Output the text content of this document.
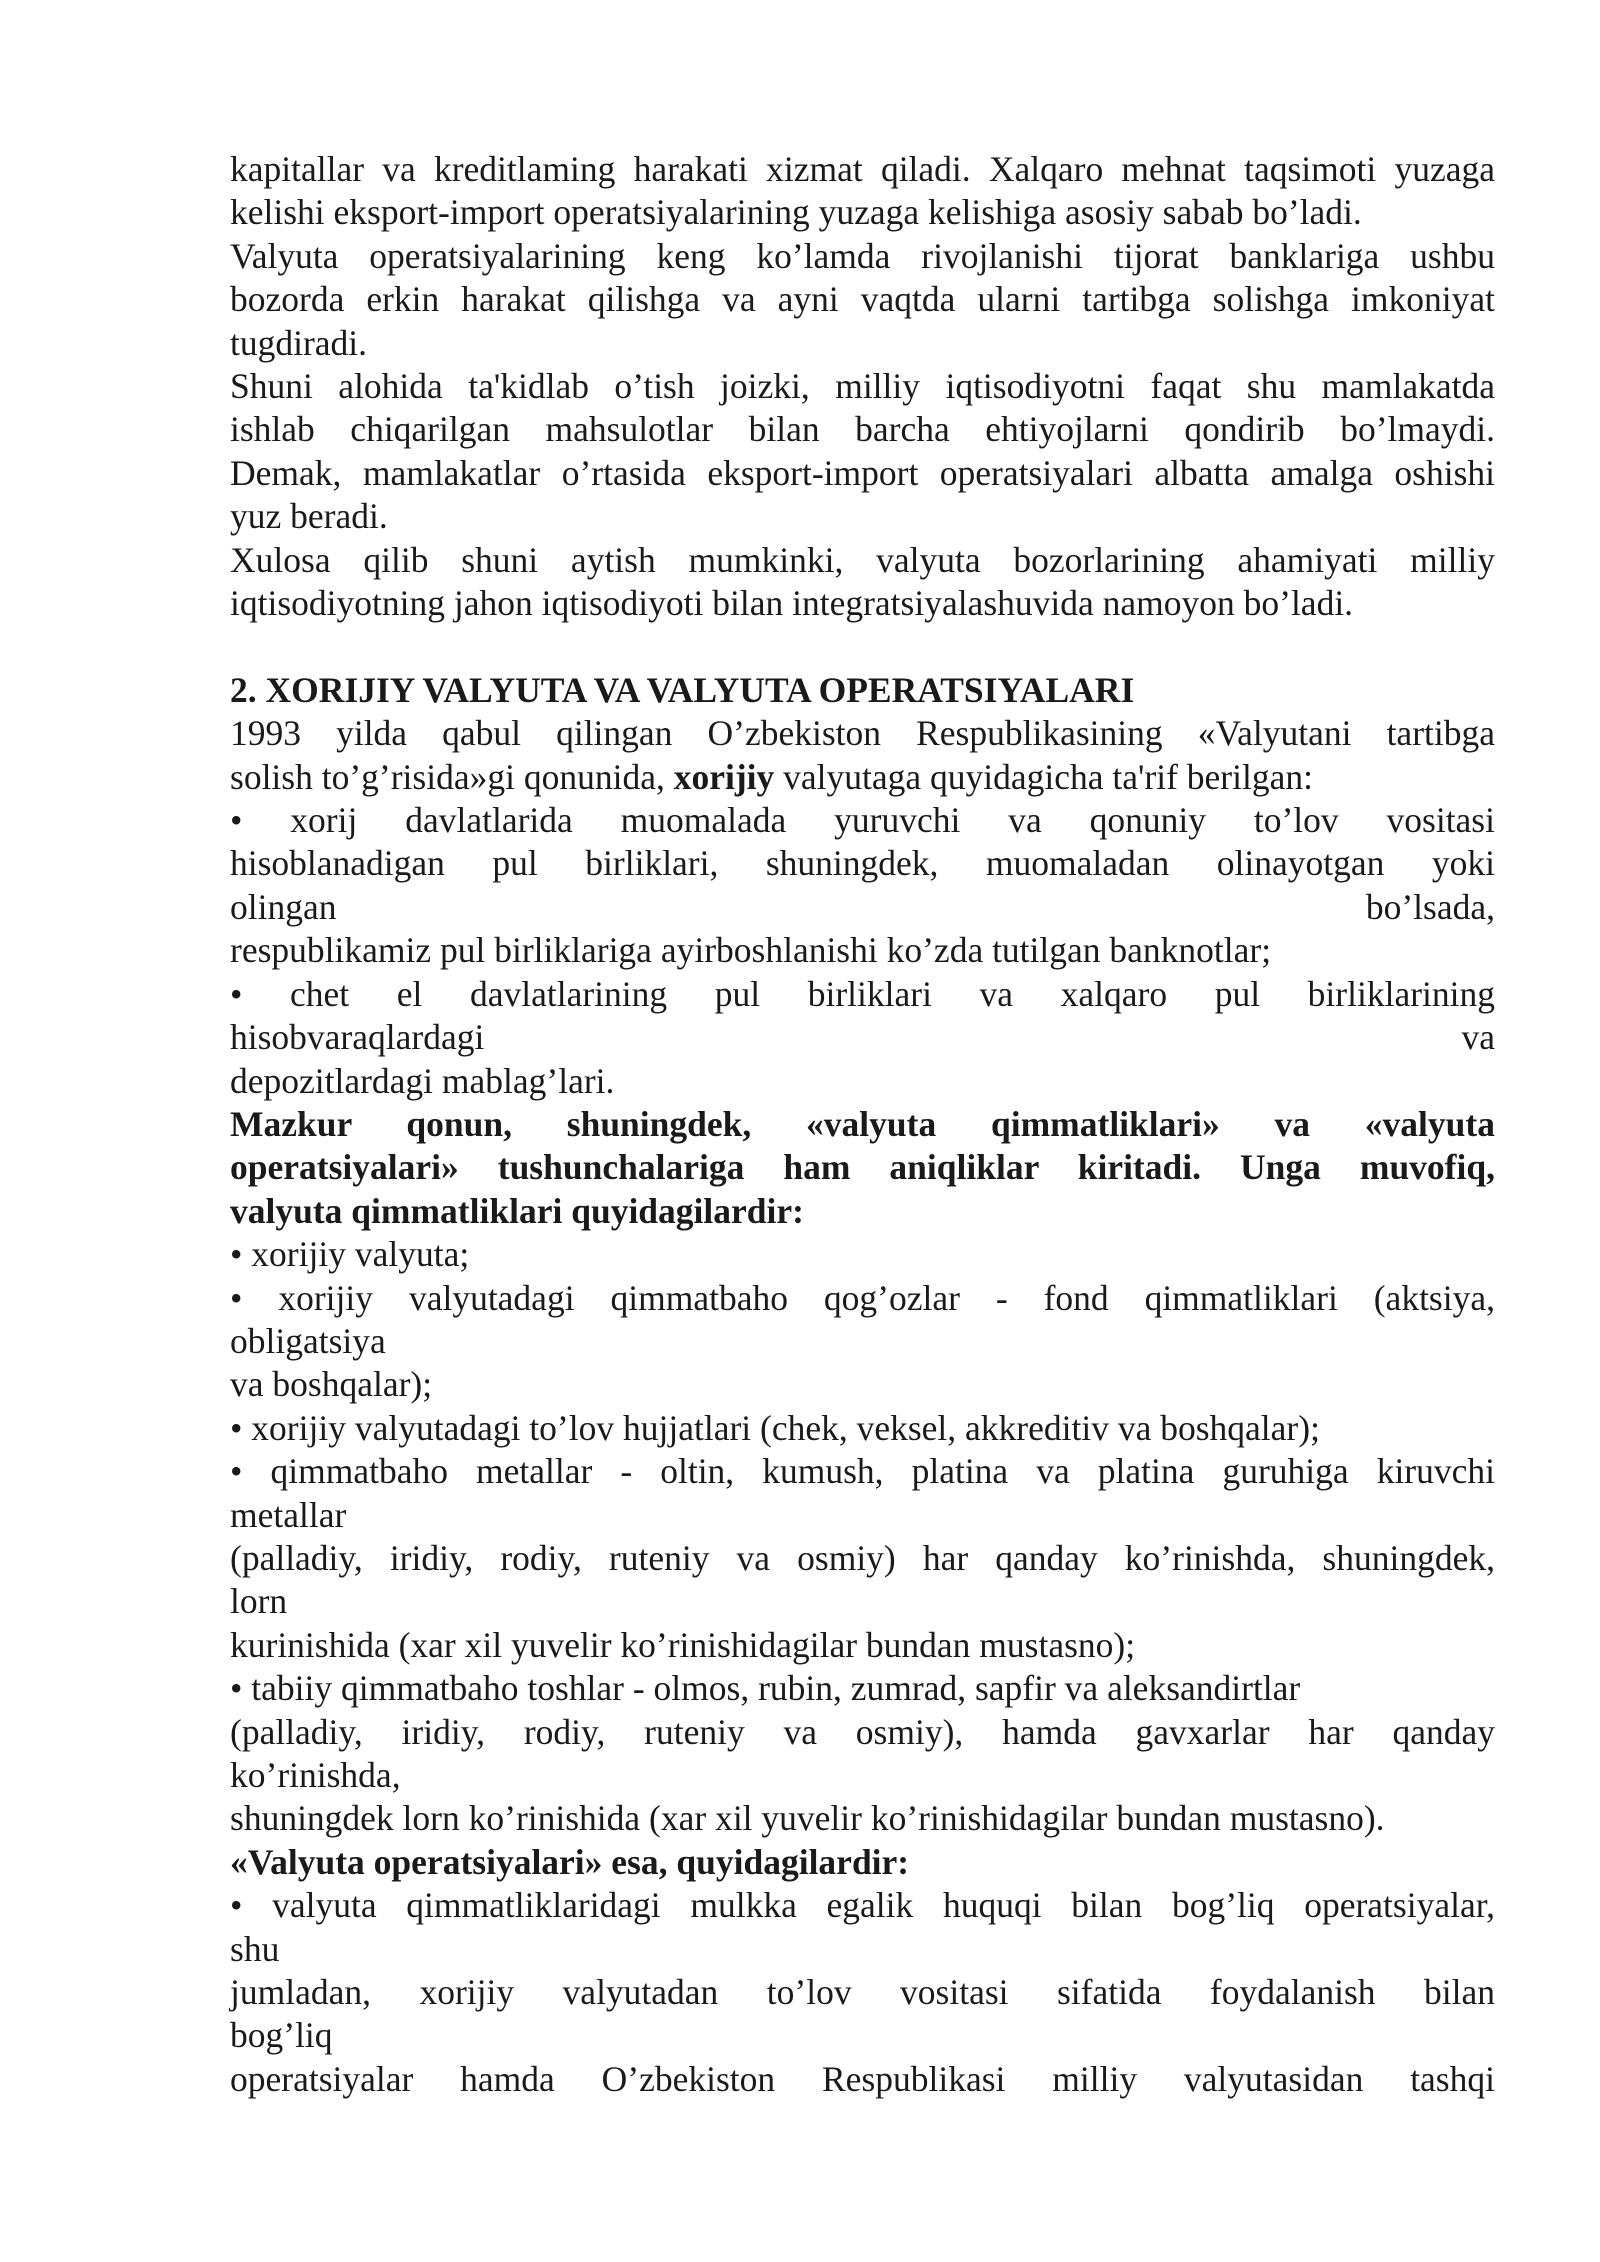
kapitallar va kreditlaming harakati xizmat qiladi. Xalqaro mehnat taqsimoti yuzaga
kelishi eksport-import operatsiyalarining yuzaga kelishiga asosiy sabab bo’ladi.
Valyuta operatsiyalarining keng ko’lamda rivojlanishi tijorat banklariga ushbu
bozorda erkin harakat qilishga va ayni vaqtda ularni tartibga solishga imkoniyat
tugdiradi.
Shuni alohida ta'kidlab o’tish joizki, milliy iqtisodiyotni faqat shu mamlakatda
ishlab chiqarilgan mahsulotlar bilan barcha ehtiyojlarni qondirib bo’lmaydi.
Demak, mamlakatlar o’rtasida eksport-import operatsiyalari albatta amalga oshishi
yuz beradi.
Xulosa qilib shuni aytish mumkinki, valyuta bozorlarining ahamiyati milliy
iqtisodiyotning jahon iqtisodiyoti bilan integratsiyalashuvida namoyon bo’ladi.
2. XORIJIY VALYUTA VA VALYUTA OPERATSIYALARI
1993 yilda qabul qilingan O’zbekiston Respublikasining «Valyutani tartibga
solish to’g’risida»gi qonunida, xorijiy valyutaga quyidagicha ta'rif berilgan:
• xorij davlatlarida muomalada yuruvchi va qonuniy to’lov vositasi
hisoblanadigan pul birliklari, shuningdek, muomaladan olinayotgan yoki
olingan bo’lsada,
respublikamiz pul birliklariga ayirboshlanishi ko’zda tutilgan banknotlar;
• chet el davlatlarining pul birliklari va xalqaro pul birliklarining
hisobvaraqlardagi va
depozitlardagi mablag’lari.
Mazkur qonun, shuningdek, «valyuta qimmatliklari» va «valyuta
operatsiyalari» tushunchalariga ham aniqliklar kiritadi. Unga muvofiq,
valyuta qimmatliklari quyidagilardir:
• xorijiy valyuta;
• xorijiy valyutadagi qimmatbaho qog’ozlar - fond qimmatliklari (aktsiya,
obligatsiya
va boshqalar);
• xorijiy valyutadagi to’lov hujjatlari (chek, veksel, akkreditiv va boshqalar);
• qimmatbaho metallar - oltin, kumush, platina va platina guruhiga kiruvchi
metallar
(palladiy, iridiy, rodiy, ruteniy va osmiy) har qanday ko’rinishda, shuningdek,
lorn
kurinishida (xar xil yuvelir ko’rinishidagilar bundan mustasno);
• tabiiy qimmatbaho toshlar - olmos, rubin, zumrad, sapfir va aleksandirtlar
(palladiy, iridiy, rodiy, ruteniy va osmiy), hamda gavxarlar har qanday
ko’rinishda,
shuningdek lorn ko’rinishida (xar xil yuvelir ko’rinishidagilar bundan mustasno).
«Valyuta operatsiyalari» esa, quyidagilardir:
• valyuta qimmatliklaridagi mulkka egalik huquqi bilan bog’liq operatsiyalar,
shu
jumladan, xorijiy valyutadan to’lov vositasi sifatida foydalanish bilan
bog’liq
operatsiyalar hamda O’zbekiston Respublikasi milliy valyutasidan tashqi
